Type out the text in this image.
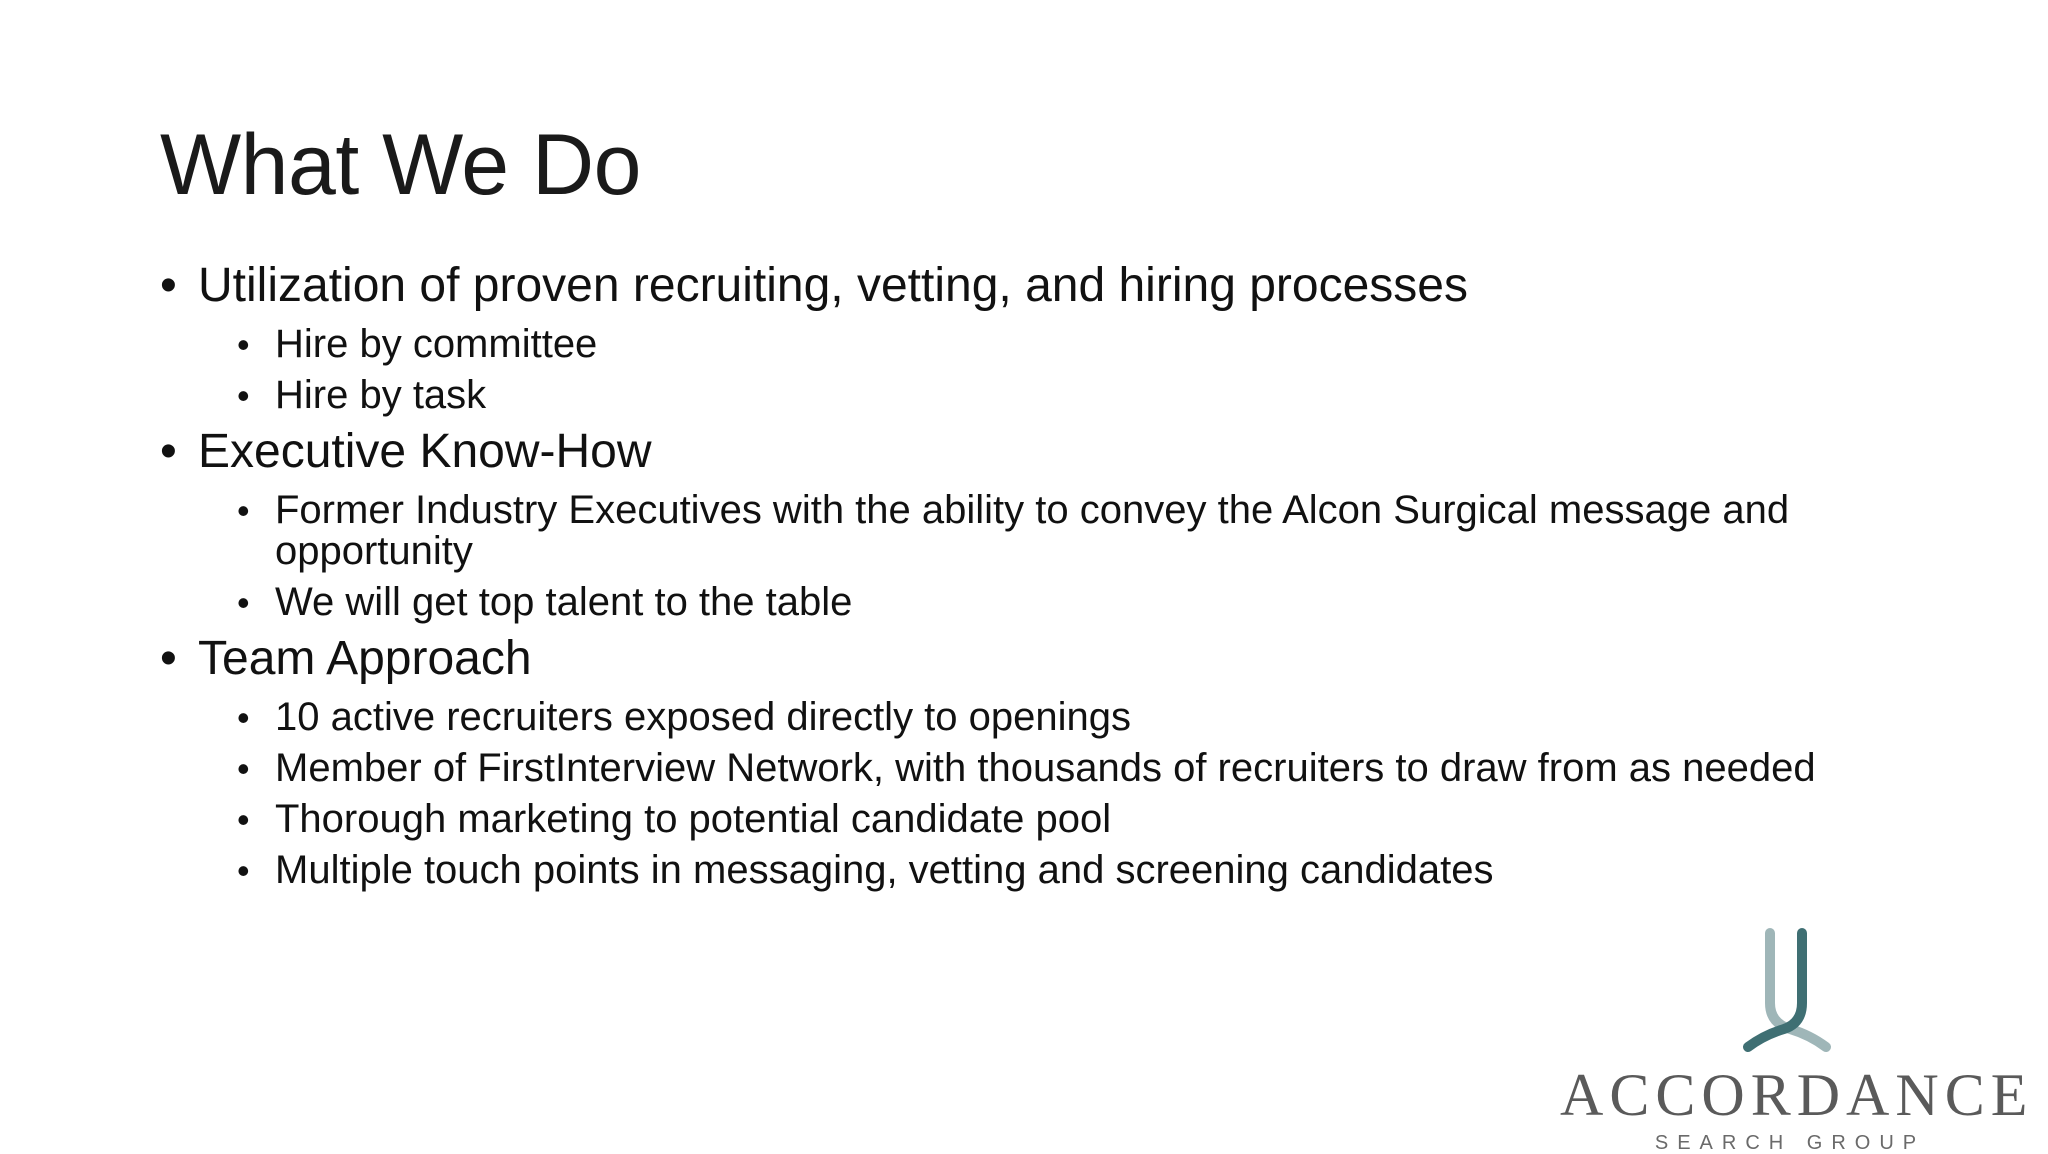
What We Do
• Utilization of proven recruiting, vetting, and hiring processes
• Hire by committee
• Hire by task
• Executive Know-How
• Former Industry Executives with the ability to convey the Alcon Surgical message and opportunity
• We will get top talent to the table
• Team Approach
• 10 active recruiters exposed directly to openings
• Member of FirstInterview Network, with thousands of recruiters to draw from as needed
• Thorough marketing to potential candidate pool
• Multiple touch points in messaging, vetting and screening candidates
ACCORDANCE
SEARCH GROUP
